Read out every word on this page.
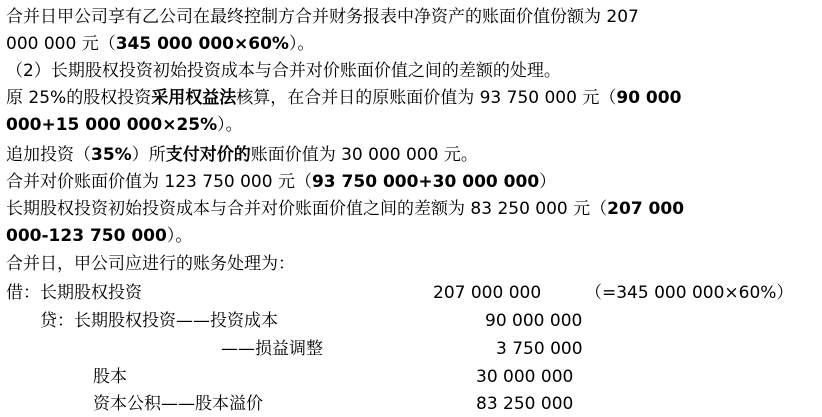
合并日甲公司享有乙公司在最终控制方合并财务报表中净资产的账面价值份额为 207
000 000 元（345 000 000×60%）。
（2）长期股权投资初始投资成本与合并对价账面价值之间的差额的处理。
原 25%的股权投资采用权益法核算，在合并日的原账面价值为 93 750 000 元（90 000
000+15 000 000×25%）。
追加投资（35%）所支付对价的账面价值为 30 000 000 元。
合并对价账面价值为 123 750 000 元（93 750 000+30 000 000）
长期股权投资初始投资成本与合并对价账面价值之间的差额为 83 250 000 元（207 000
000-123 750 000）。
合并日，甲公司应进行的账务处理为：
借：长期股权投资	207 000 000	（=345 000 000×60%）
贷：长期股权投资——投资成本	90 000 000
——损益调整	3 750 000
股本	30 000 000
资本公积——股本溢价	83 250 000
